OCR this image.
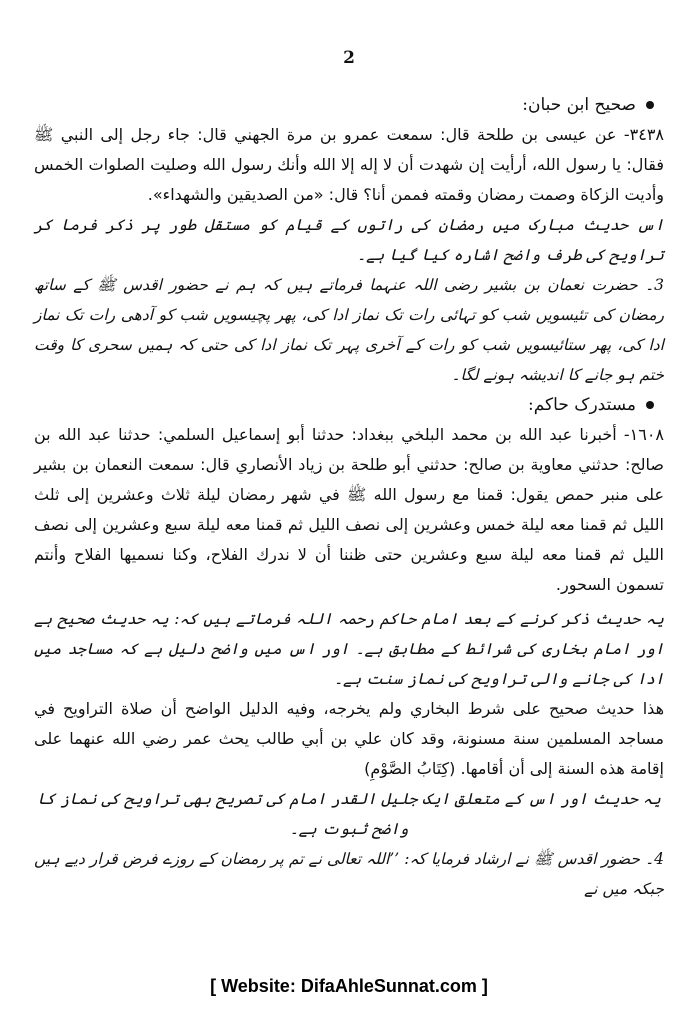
2
صحیح ابن حبان:

٣٤٣٨- عن عيسى بن طلحة قال: سمعت عمرو بن مرة الجهني قال: جاء رجل إلى النبي ﷺ فقال: يا رسول الله، أرأيت إن شهدت أن لا إله إلا الله وأنك رسول الله وصليت الصلوات الخمس وأديت الزكاة وصمت رمضان وقمته فممن أنا؟ قال: «من الصديقين والشهداء».

اس حدیث مبارک میں رمضان کی راتوں کے قیام کو مستقل طور پر ذکر فرما کر تراویح کی طرف واضح اشارہ کیا گیا ہے۔

3۔ حضرت نعمان بن بشیر رضی اللہ عنہما فرماتے ہیں کہ ہم نے حضور اقدس ﷺ کے ساتھ رمضان کی تئیسویں شب کو تہائی رات تک نماز ادا کی، پھر پچیسویں شب کو آدھی رات تک نماز ادا کی، پھر ستائیسویں شب کو رات کے آخری پہر تک نماز ادا کی حتی کہ ہمیں سحری کا وقت ختم ہو جانے کا اندیشہ ہونے لگا۔

مستدرک حاکم:

١٦٠٨- أخبرنا عبد الله بن محمد البلخي ببغداد: حدثنا أبو إسماعيل السلمي: حدثنا عبد الله بن صالح: حدثني معاوية بن صالح: حدثني أبو طلحة بن زياد الأنصاري قال: سمعت النعمان بن بشير على منبر حمص يقول: قمنا مع رسول الله ﷺ في شهر رمضان ليلة ثلاث وعشرين إلى ثلث الليل ثم قمنا معه ليلة خمس وعشرين إلى نصف الليل ثم قمنا معه ليلة سبع وعشرين إلى نصف الليل ثم قمنا معه ليلة سبع وعشرين حتى ظننا أن لا ندرك الفلاح، وكنا نسميها الفلاح وأنتم تسمون السحور.

یہ حدیث ذکر کرنے کے بعد امام حاکم رحمہ اللہ فرماتے ہیں کہ: یہ حدیث صحیح ہے اور امام بخاری کی شرائط کے مطابق ہے۔ اور اس میں واضح دلیل ہے کہ مساجد میں ادا کی جانے والی تراویح کی نماز سنت ہے۔

هذا حديث صحيح على شرط البخاري ولم يخرجه، وفيه الدليل الواضح أن صلاة التراويح في مساجد المسلمين سنة مسنونة، وقد كان علي بن أبي طالب يحث عمر رضي الله عنهما على إقامة هذه السنة إلى أن أقامها. (كِتَابُ الصَّوْمِ)

یہ حدیث اور اس کے متعلق ایک جلیل القدر امام کی تصریح بھی تراویح کی نماز کا واضح ثبوت ہے۔

4۔ حضور اقدس ﷺ نے ارشاد فرمایا کہ: ’’اللہ تعالی نے تم پر رمضان کے روزے فرض قرار دیے ہیں جبکہ میں نے

[ Website: DifaAhleSunnat.com ]
